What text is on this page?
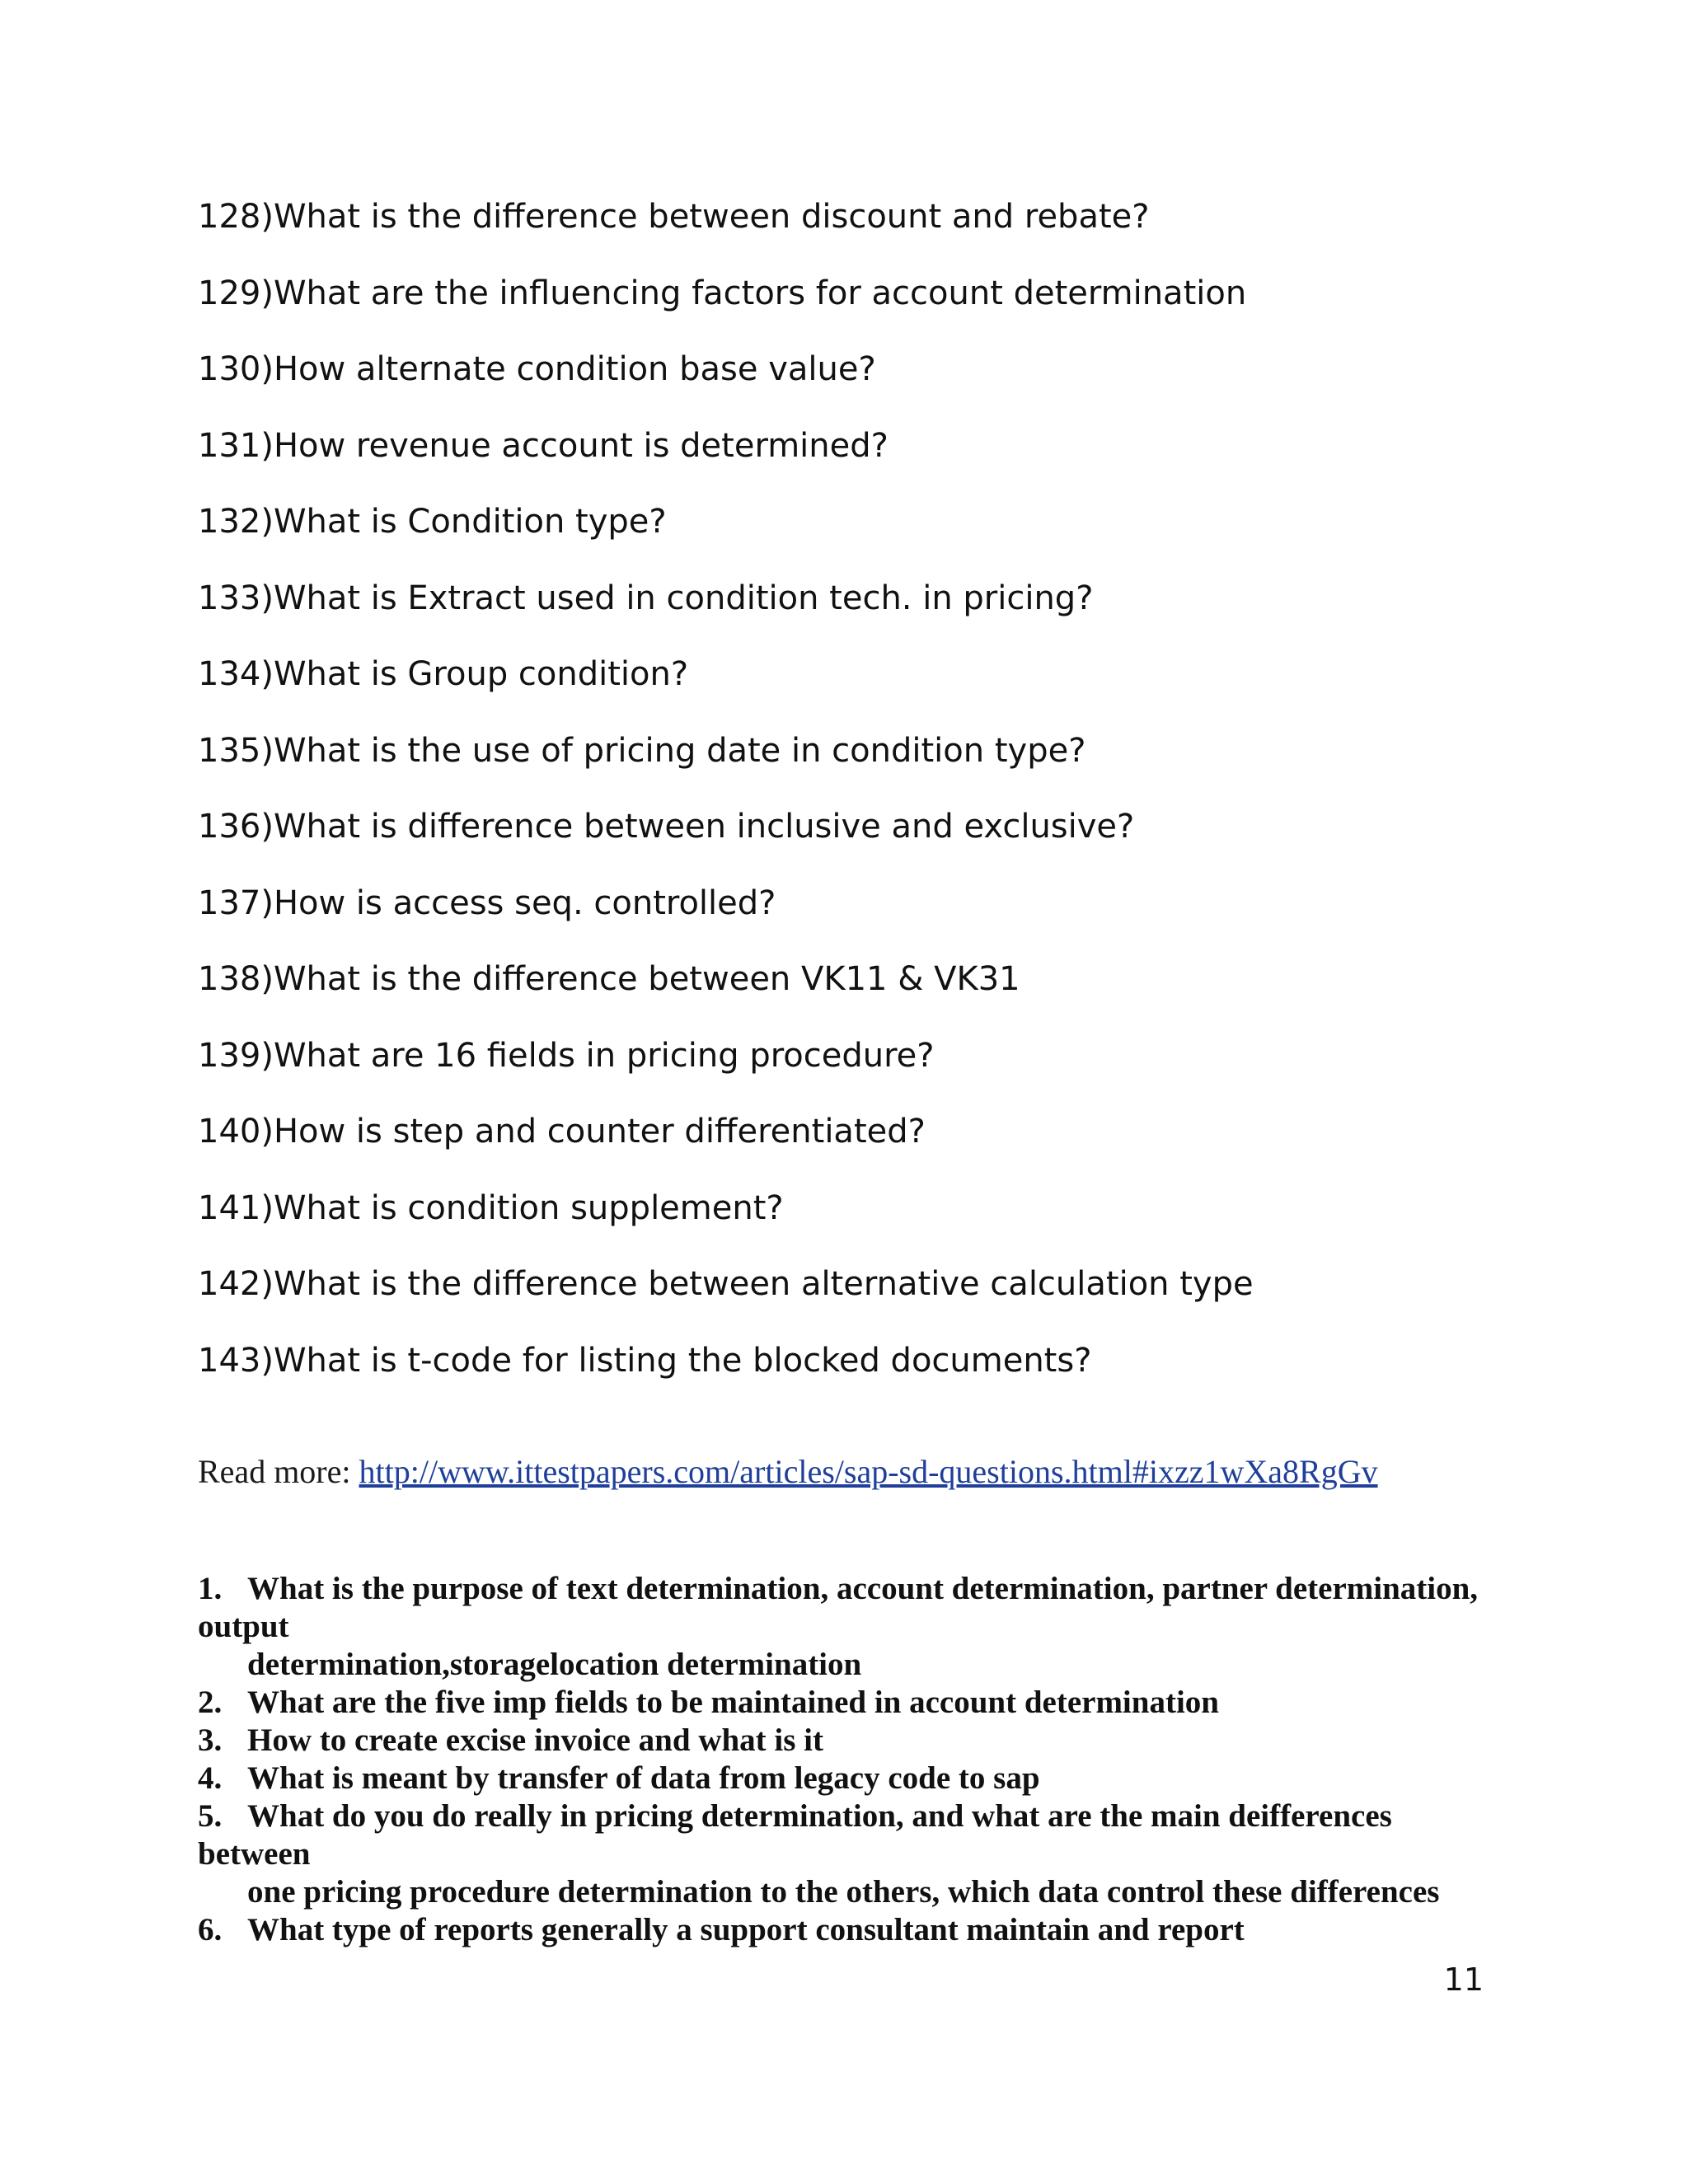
128)What is the difference between discount and rebate?
129)What are the influencing factors for account determination
130)How alternate condition base value?
131)How revenue account is determined?
132)What is Condition type?
133)What is Extract used in condition tech. in pricing?
134)What is Group condition?
135)What is the use of pricing date in condition type?
136)What is difference between inclusive and exclusive?
137)How is access seq. controlled?
138)What is the difference between VK11 & VK31
139)What are 16 fields in pricing procedure?
140)How is step and counter differentiated?
141)What is condition supplement?
142)What is the difference between alternative calculation type
143)What is t-code for listing the blocked documents?
Read more: http://www.ittestpapers.com/articles/sap-sd-questions.html#ixzz1wXa8RgGv
1. What is the purpose of text determination, account determination, partner determination,
output
determination,storagelocation determination
2. What are the five imp fields to be maintained in account determination
3. How to create excise invoice and what is it
4. What is meant by transfer of data from legacy code to sap
5. What do you do really in pricing determination, and what are the main deifferences
between
one pricing procedure determination to the others, which data control these differences
6. What type of reports generally a support consultant maintain and report
11
